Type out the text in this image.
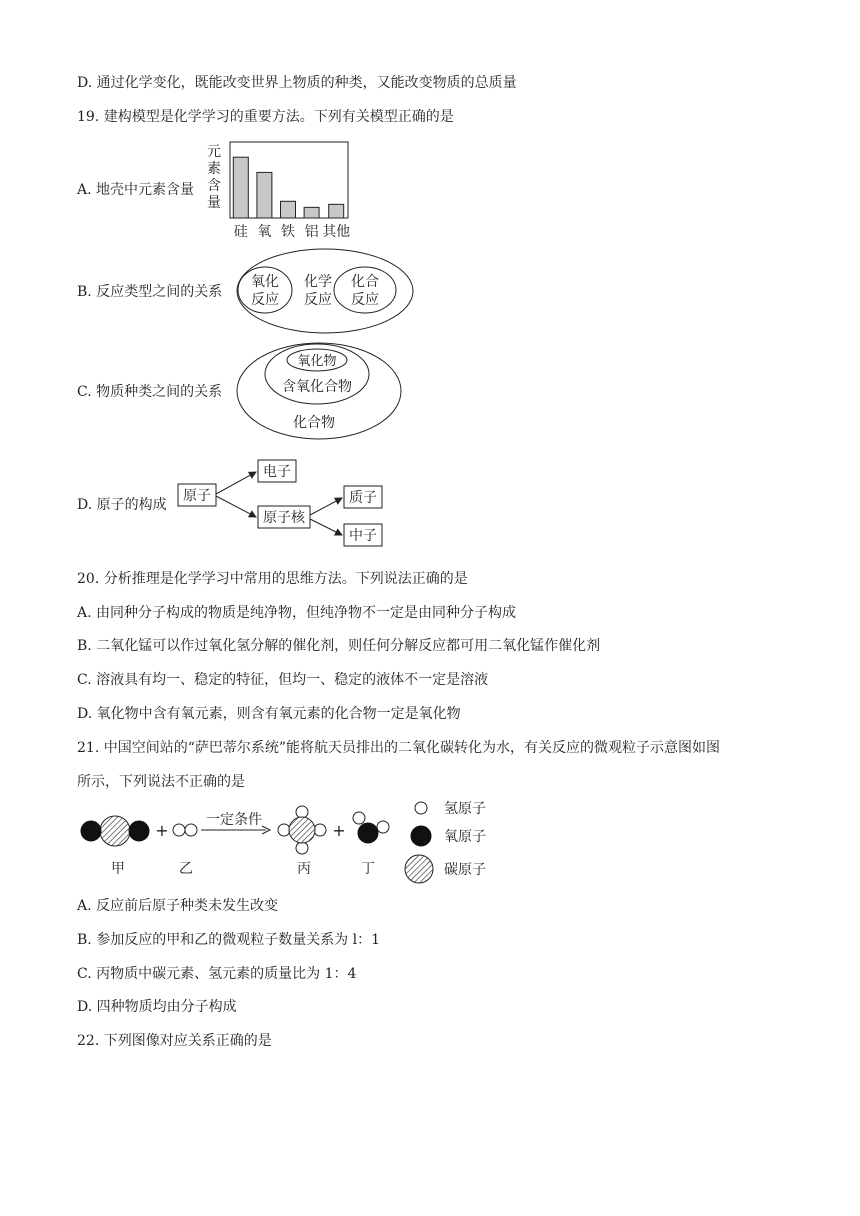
D. 通过化学变化，既能改变世界上物质的种类，又能改变物质的总质量
19. 建构模型是化学学习的重要方法。下列有关模型正确的是
A. 地壳中元素含量
元
素
含
量
硅 氧 铁 铝 其他
B. 反应类型之间的关系
氧化
反应
化学
反应
化合
反应
C. 物质种类之间的关系
氧化物
含氧化合物
化合物
D. 原子的构成
原子
电子
原子核
质子
中子
20. 分析推理是化学学习中常用的思维方法。下列说法正确的是
A. 由同种分子构成的物质是纯净物，但纯净物不一定是由同种分子构成
B. 二氧化锰可以作过氧化氢分解的催化剂，则任何分解反应都可用二氧化锰作催化剂
C. 溶液具有均一、稳定的特征，但均一、稳定的液体不一定是溶液
D. 氧化物中含有氧元素，则含有氧元素的化合物一定是氧化物
21. 中国空间站的“萨巴蒂尔系统”能将航天员排出的二氧化碳转化为水，有关反应的微观粒子示意图如图
所示，下列说法不正确的是
+
一定条件
+
甲	乙	丙	丁
氢原子
氧原子
碳原子
A. 反应前后原子种类未发生改变
B. 参加反应的甲和乙的微观粒子数量关系为 l：1
C. 丙物质中碳元素、氢元素的质量比为 1：4
D. 四种物质均由分子构成
22. 下列图像对应关系正确的是
